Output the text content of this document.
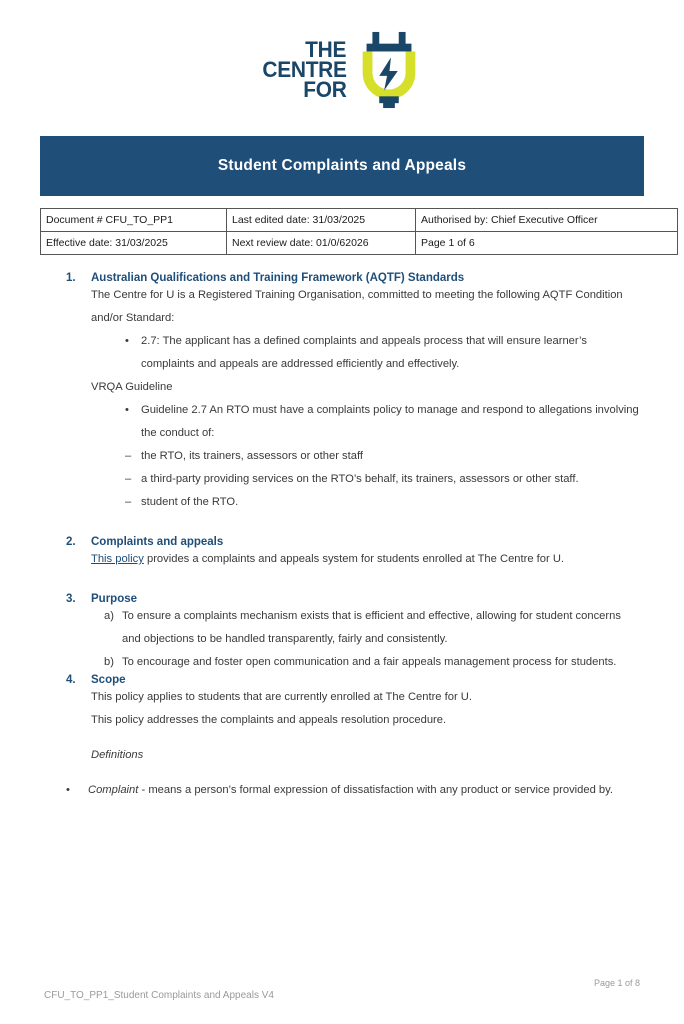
THE
CENTRE
FOR
Student Complaints and Appeals
Document # CFU_TO_PP1	Last edited date: 31/03/2025	Authorised by: Chief Executive Officer
Effective date: 31/03/2025	Next review date: 01/0/62026	Page 1 of 6
1.	Australian Qualifications and Training Framework (AQTF) Standards
The Centre for U is a Registered Training Organisation, committed to meeting the following AQTF Condition and/or Standard:
•	2.7: The applicant has a defined complaints and appeals process that will ensure learner’s complaints and appeals are addressed efficiently and effectively.
VRQA Guideline
•	Guideline 2.7 An RTO must have a complaints policy to manage and respond to allegations involving the conduct of:
– the RTO, its trainers, assessors or other staff
– a third-party providing services on the RTO’s behalf, its trainers, assessors or other staff.
– student of the RTO.
2.	Complaints and appeals
This policy provides a complaints and appeals system for students enrolled at The Centre for U.
3.	Purpose
a) To ensure a complaints mechanism exists that is efficient and effective, allowing for student concerns and objections to be handled transparently, fairly and consistently.
b) To encourage and foster open communication and a fair appeals management process for students.
4.	Scope
This policy applies to students that are currently enrolled at The Centre for U.
This policy addresses the complaints and appeals resolution procedure.
Definitions
•	Complaint - means a person’s formal expression of dissatisfaction with any product or service provided by.
Page 1 of 8
CFU_TO_PP1_Student Complaints and Appeals V4
